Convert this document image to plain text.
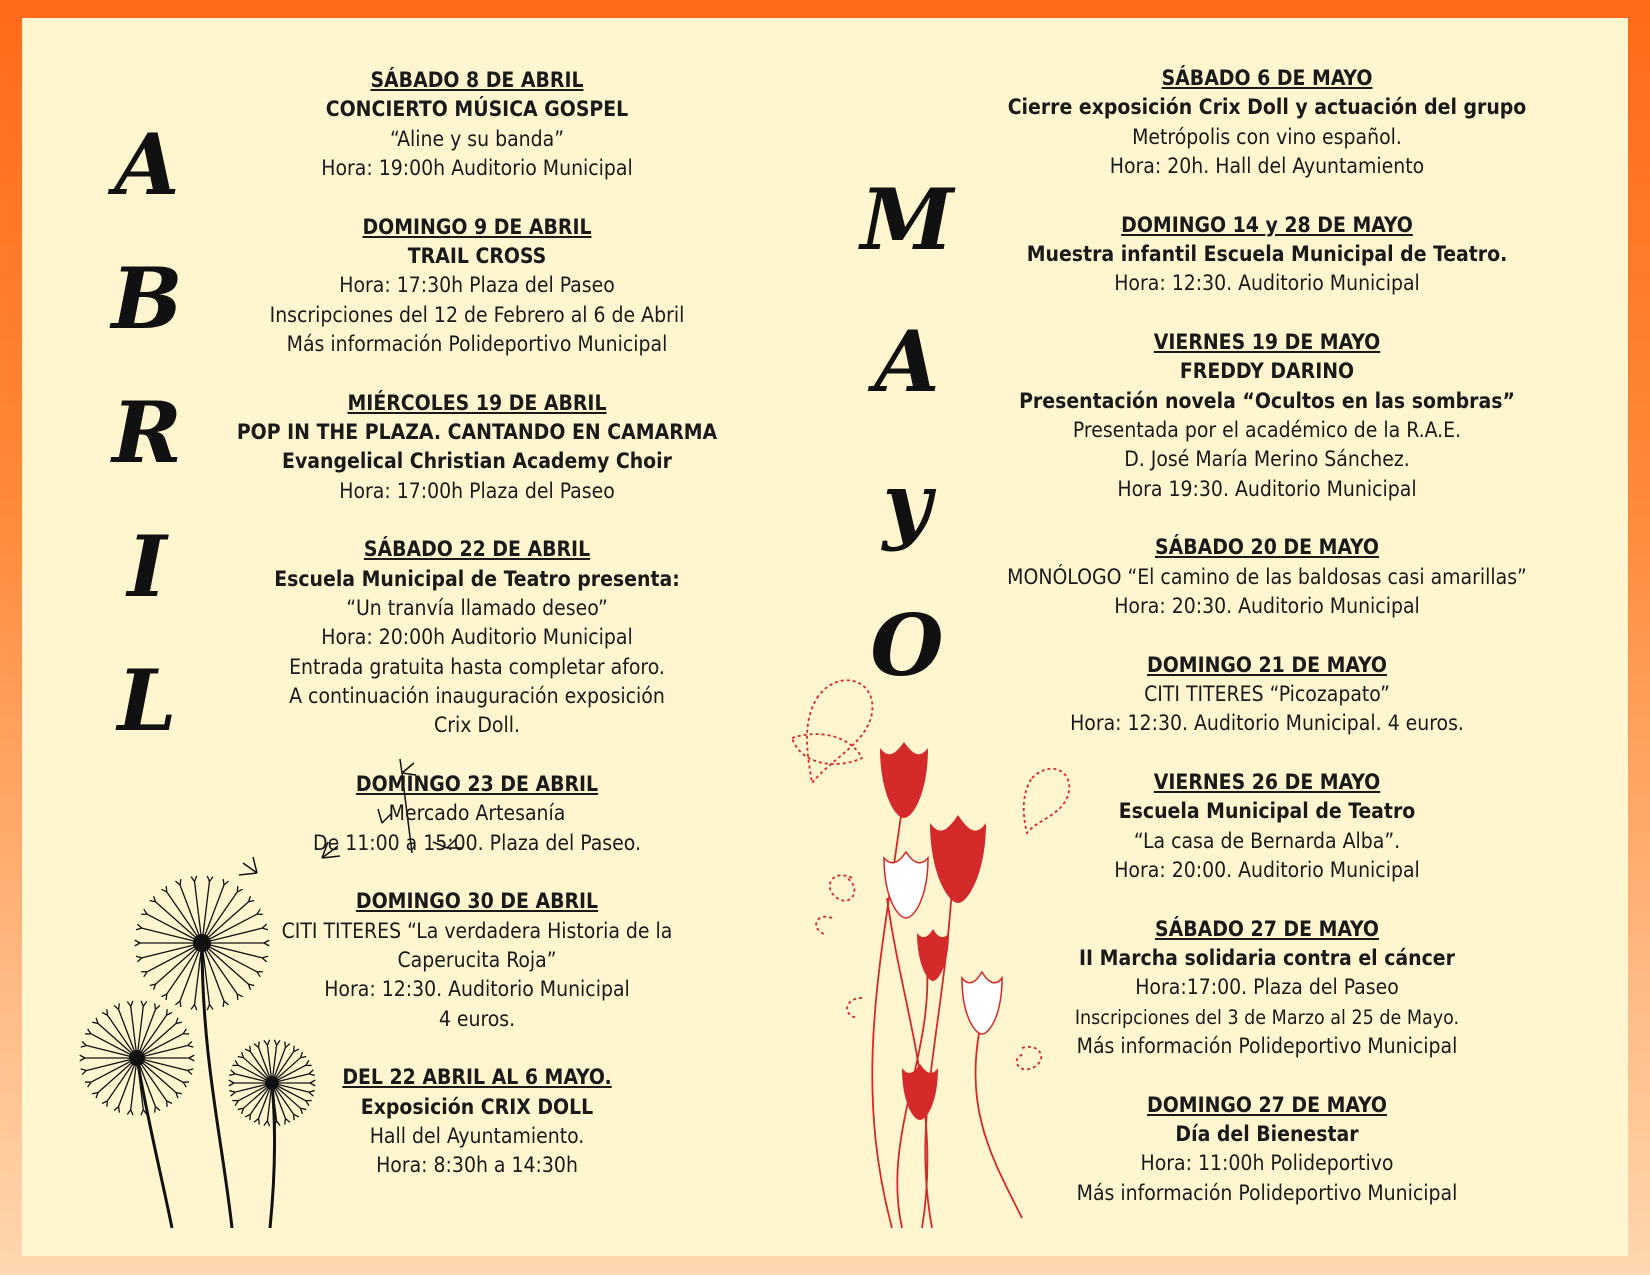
A
B
R
I
L
M
A
y
O
SÁBADO 8 DE ABRIL
CONCIERTO MÚSICA GOSPEL
“Aline y su banda”
Hora: 19:00h Auditorio Municipal
DOMINGO 9 DE ABRIL
TRAIL CROSS
Hora: 17:30h Plaza del Paseo
Inscripciones del 12 de Febrero al 6 de Abril
Más información Polideportivo Municipal
MIÉRCOLES 19 DE ABRIL
POP IN THE PLAZA. CANTANDO EN CAMARMA
Evangelical Christian Academy Choir
Hora: 17:00h Plaza del Paseo
SÁBADO 22 DE ABRIL
Escuela Municipal de Teatro presenta:
“Un tranvía llamado deseo”
Hora: 20:00h Auditorio Municipal
Entrada gratuita hasta completar aforo.
A continuación inauguración exposición
Crix Doll.
DOMINGO 23 DE ABRIL
Mercado Artesanía
De 11:00 a 15:00. Plaza del Paseo.
DOMINGO 30 DE ABRIL
CITI TITERES “La verdadera Historia de la
Caperucita Roja”
Hora: 12:30. Auditorio Municipal
4 euros.
DEL 22 ABRIL AL 6 MAYO.
Exposición CRIX DOLL
Hall del Ayuntamiento.
Hora: 8:30h a 14:30h
SÁBADO 6 DE MAYO
Cierre exposición Crix Doll y actuación del grupo
Metrópolis con vino español.
Hora: 20h. Hall del Ayuntamiento
DOMINGO 14 y 28 DE MAYO
Muestra infantil Escuela Municipal de Teatro.
Hora: 12:30. Auditorio Municipal
VIERNES 19 DE MAYO
FREDDY DARINO
Presentación novela “Ocultos en las sombras”
Presentada por el académico de la R.A.E.
D. José María Merino Sánchez.
Hora 19:30. Auditorio Municipal
SÁBADO 20 DE MAYO
MONÓLOGO “El camino de las baldosas casi amarillas”
Hora: 20:30. Auditorio Municipal
DOMINGO 21 DE MAYO
CITI TITERES “Picozapato”
Hora: 12:30. Auditorio Municipal. 4 euros.
VIERNES 26 DE MAYO
Escuela Municipal de Teatro
“La casa de Bernarda Alba”.
Hora: 20:00. Auditorio Municipal
SÁBADO 27 DE MAYO
II Marcha solidaria contra el cáncer
Hora:17:00. Plaza del Paseo
Inscripciones del 3 de Marzo al 25 de Mayo.
Más información Polideportivo Municipal
DOMINGO 27 DE MAYO
Día del Bienestar
Hora: 11:00h Polideportivo
Más información Polideportivo Municipal
